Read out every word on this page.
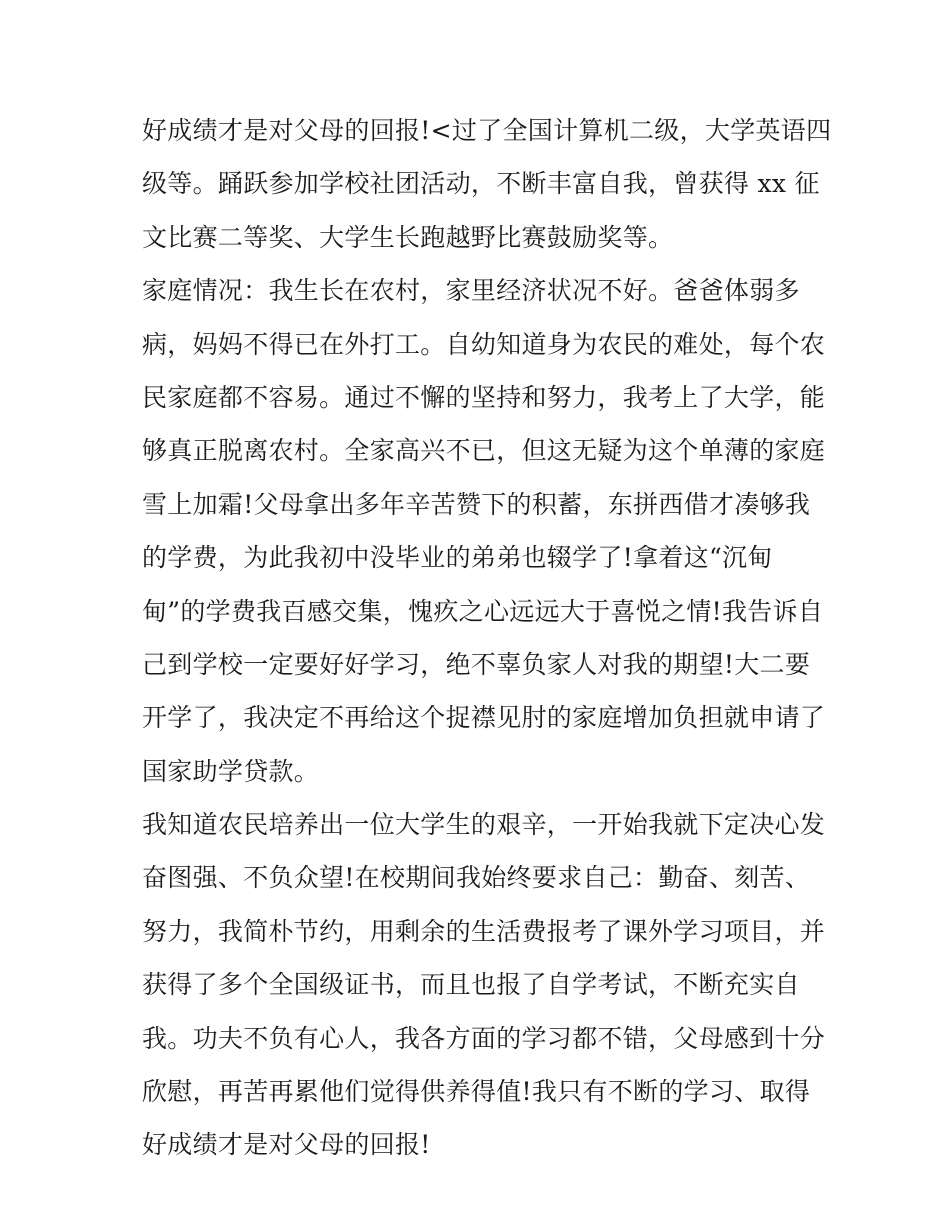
好成绩才是对父母的回报!<过了全国计算机二级，大学英语四
级等。踊跃参加学校社团活动，不断丰富自我，曾获得 xx 征
文比赛二等奖、大学生长跑越野比赛鼓励奖等。
家庭情况：我生长在农村，家里经济状况不好。爸爸体弱多
病，妈妈不得已在外打工。自幼知道身为农民的难处，每个农
民家庭都不容易。通过不懈的坚持和努力，我考上了大学，能
够真正脱离农村。全家高兴不已，但这无疑为这个单薄的家庭
雪上加霜!父母拿出多年辛苦赞下的积蓄，东拼西借才凑够我
的学费，为此我初中没毕业的弟弟也辍学了!拿着这“沉甸
甸”的学费我百感交集，愧疚之心远远大于喜悦之情!我告诉自
己到学校一定要好好学习，绝不辜负家人对我的期望!大二要
开学了，我决定不再给这个捉襟见肘的家庭增加负担就申请了
国家助学贷款。
我知道农民培养出一位大学生的艰辛，一开始我就下定决心发
奋图强、不负众望!在校期间我始终要求自己：勤奋、刻苦、
努力，我简朴节约，用剩余的生活费报考了课外学习项目，并
获得了多个全国级证书，而且也报了自学考试，不断充实自
我。功夫不负有心人，我各方面的学习都不错，父母感到十分
欣慰，再苦再累他们觉得供养得值!我只有不断的学习、取得
好成绩才是对父母的回报!
